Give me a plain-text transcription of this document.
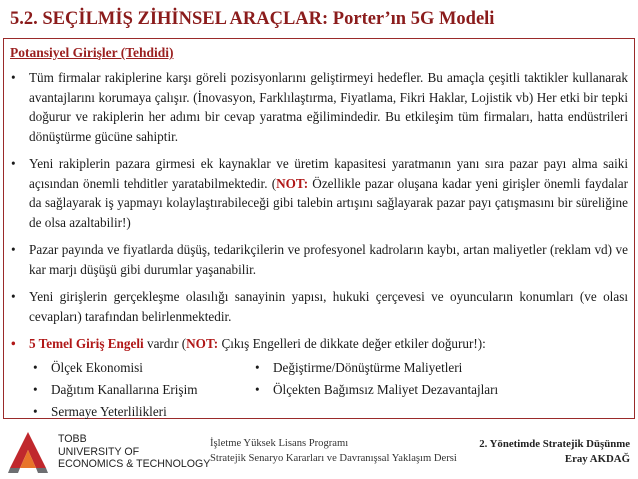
5.2. SEÇİLMİŞ ZİHİNSEL ARAÇLAR: Porter’ın 5G Modeli
Potansiyel Girişler (Tehdidi)
• Tüm firmalar rakiplerine karşı göreli pozisyonlarını geliştirmeyi hedefler. Bu amaçla çeşitli taktikler kullanarak avantajlarını korumaya çalışır. (İnovasyon, Farklılaştırma, Fiyatlama, Fikri Haklar, Lojistik vb) Her etki bir tepki doğurur ve rakiplerin her adımı bir cevap yaratma eğilimindedir. Bu etkileşim tüm firmaları, hatta endüstrileri dönüştürme gücüne sahiptir.
• Yeni rakiplerin pazara girmesi ek kaynaklar ve üretim kapasitesi yaratmanın yanı sıra pazar payı alma saiki açısından önemli tehditler yaratabilmektedir. (NOT: Özellikle pazar oluşana kadar yeni girişler önemli faydalar da sağlayarak iş yapmayı kolaylaştırabileceği gibi talebin artışını sağlayarak pazar payı çatışmasını bir süreliğine de olsa azaltabilir!)
• Pazar payında ve fiyatlarda düşüş, tedarikçilerin ve profesyonel kadroların kaybı, artan maliyetler (reklam vd) ve kar marjı düşüşü gibi durumlar yaşanabilir.
• Yeni girişlerin gerçekleşme olasılığı sanayinin yapısı, hukuki çerçevesi ve oyuncuların konumları (ve olası cevapları) tarafından belirlenmektedir.
• 5 Temel Giriş Engeli vardır (NOT: Çıkış Engelleri de dikkate değer etkiler doğurur!):
• Ölçek Ekonomisi	• Değiştirme/Dönüştürme Maliyetleri
• Dağıtım Kanallarına Erişim	• Ölçekten Bağımsız Maliyet Dezavantajları
• Sermaye Yeterlilikleri
TOBB
UNIVERSITY OF
ECONOMICS & TECHNOLOGY
İşletme Yüksek Lisans Programı
Stratejik Senaryo Kararları ve Davranışsal Yaklaşım Dersi
2. Yönetimde Stratejik Düşünme
Eray AKDAĞ
